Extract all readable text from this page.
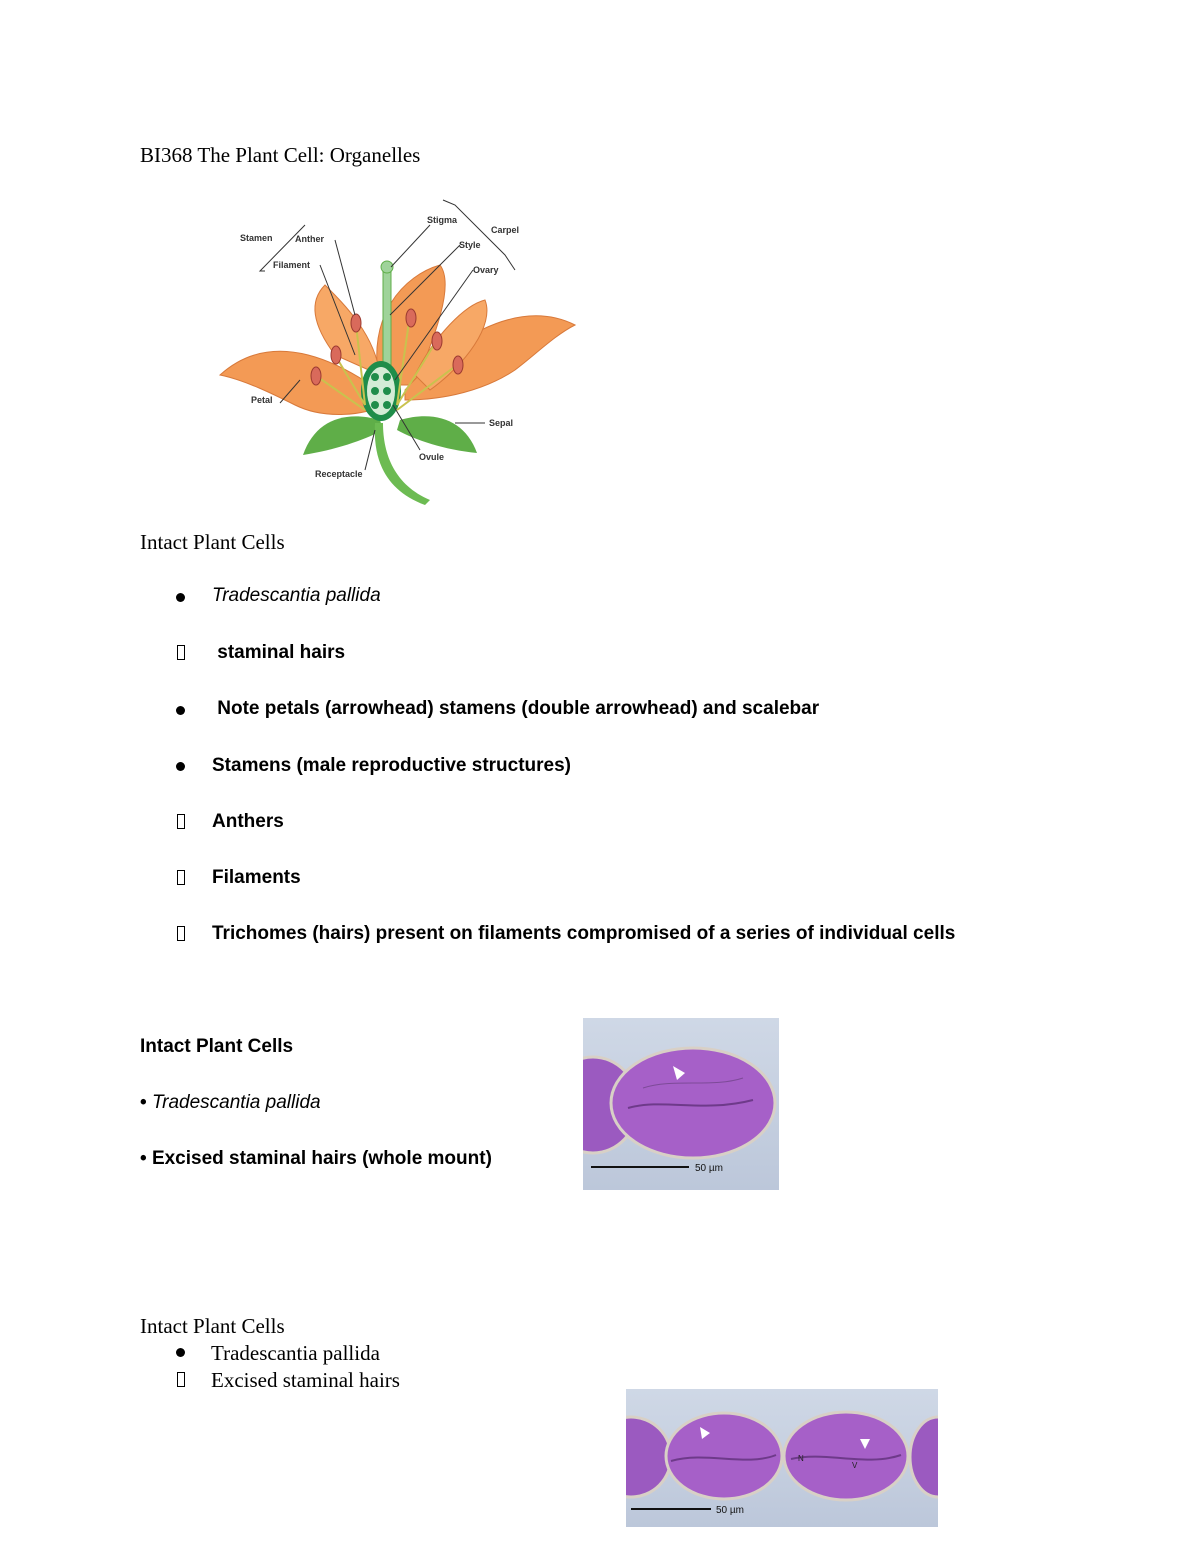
BI368 The Plant Cell: Organelles
Stamen Anther
Filament
Stigma
Style
Carpel
Ovary
Petal
Sepal
Ovule
Receptacle
Intact Plant Cells
Tradescantia pallida
staminal hairs
Note petals (arrowhead) stamens (double arrowhead) and scalebar
Stamens (male reproductive structures)
Anthers
Filaments
Trichomes (hairs) present on filaments compromised of a series of individual cells
Intact Plant Cells
• Tradescantia pallida
• Excised staminal hairs (whole mount)	50 µm
Intact Plant Cells
Tradescantia pallida
Excised staminal hairs
N
V
50 µm
